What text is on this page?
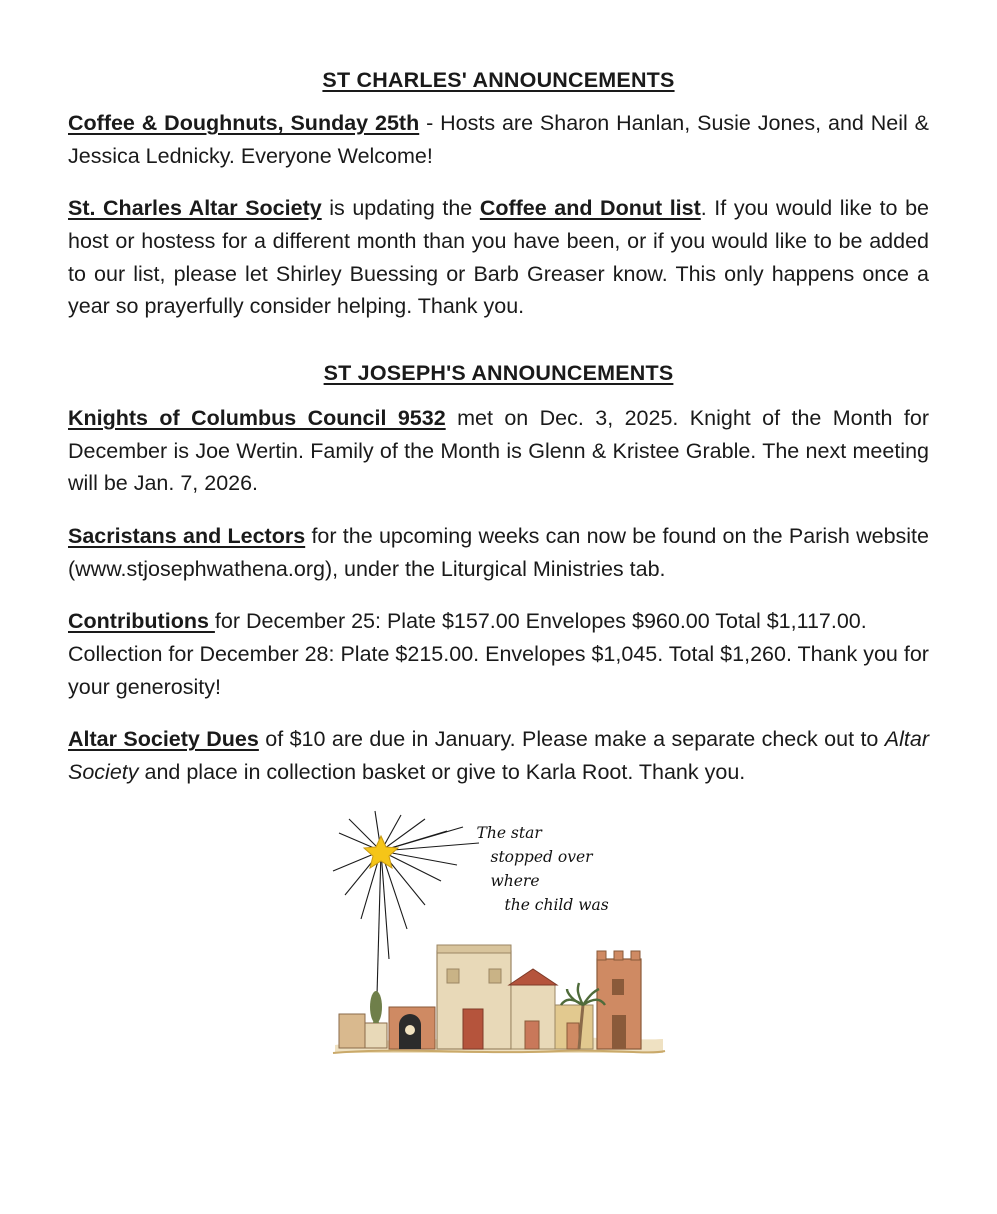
ST CHARLES' ANNOUNCEMENTS

Coffee & Doughnuts, Sunday 25th - Hosts are Sharon Hanlan, Susie Jones, and Neil & Jessica Lednicky. Everyone Welcome!

St. Charles Altar Society is updating the Coffee and Donut list. If you would like to be host or hostess for a different month than you have been, or if you would like to be added to our list, please let Shirley Buessing or Barb Greaser know. This only happens once a year so prayerfully consider helping. Thank you.

ST JOSEPH'S ANNOUNCEMENTS

Knights of Columbus Council 9532 met on Dec. 3, 2025. Knight of the Month for December is Joe Wertin. Family of the Month is Glenn & Kristee Grable. The next meeting will be Jan. 7, 2026.

Sacristans and Lectors for the upcoming weeks can now be found on the Parish website (www.stjosephwathena.org), under the Liturgical Ministries tab.

Contributions for December 25: Plate $157.00 Envelopes $960.00 Total $1,117.00. Collection for December 28: Plate $215.00. Envelopes $1,045. Total $1,260. Thank you for your generosity!

Altar Society Dues of $10 are due in January. Please make a separate check out to Altar Society and place in collection basket or give to Karla Root. Thank you.

The star
stopped over
where
the child was
